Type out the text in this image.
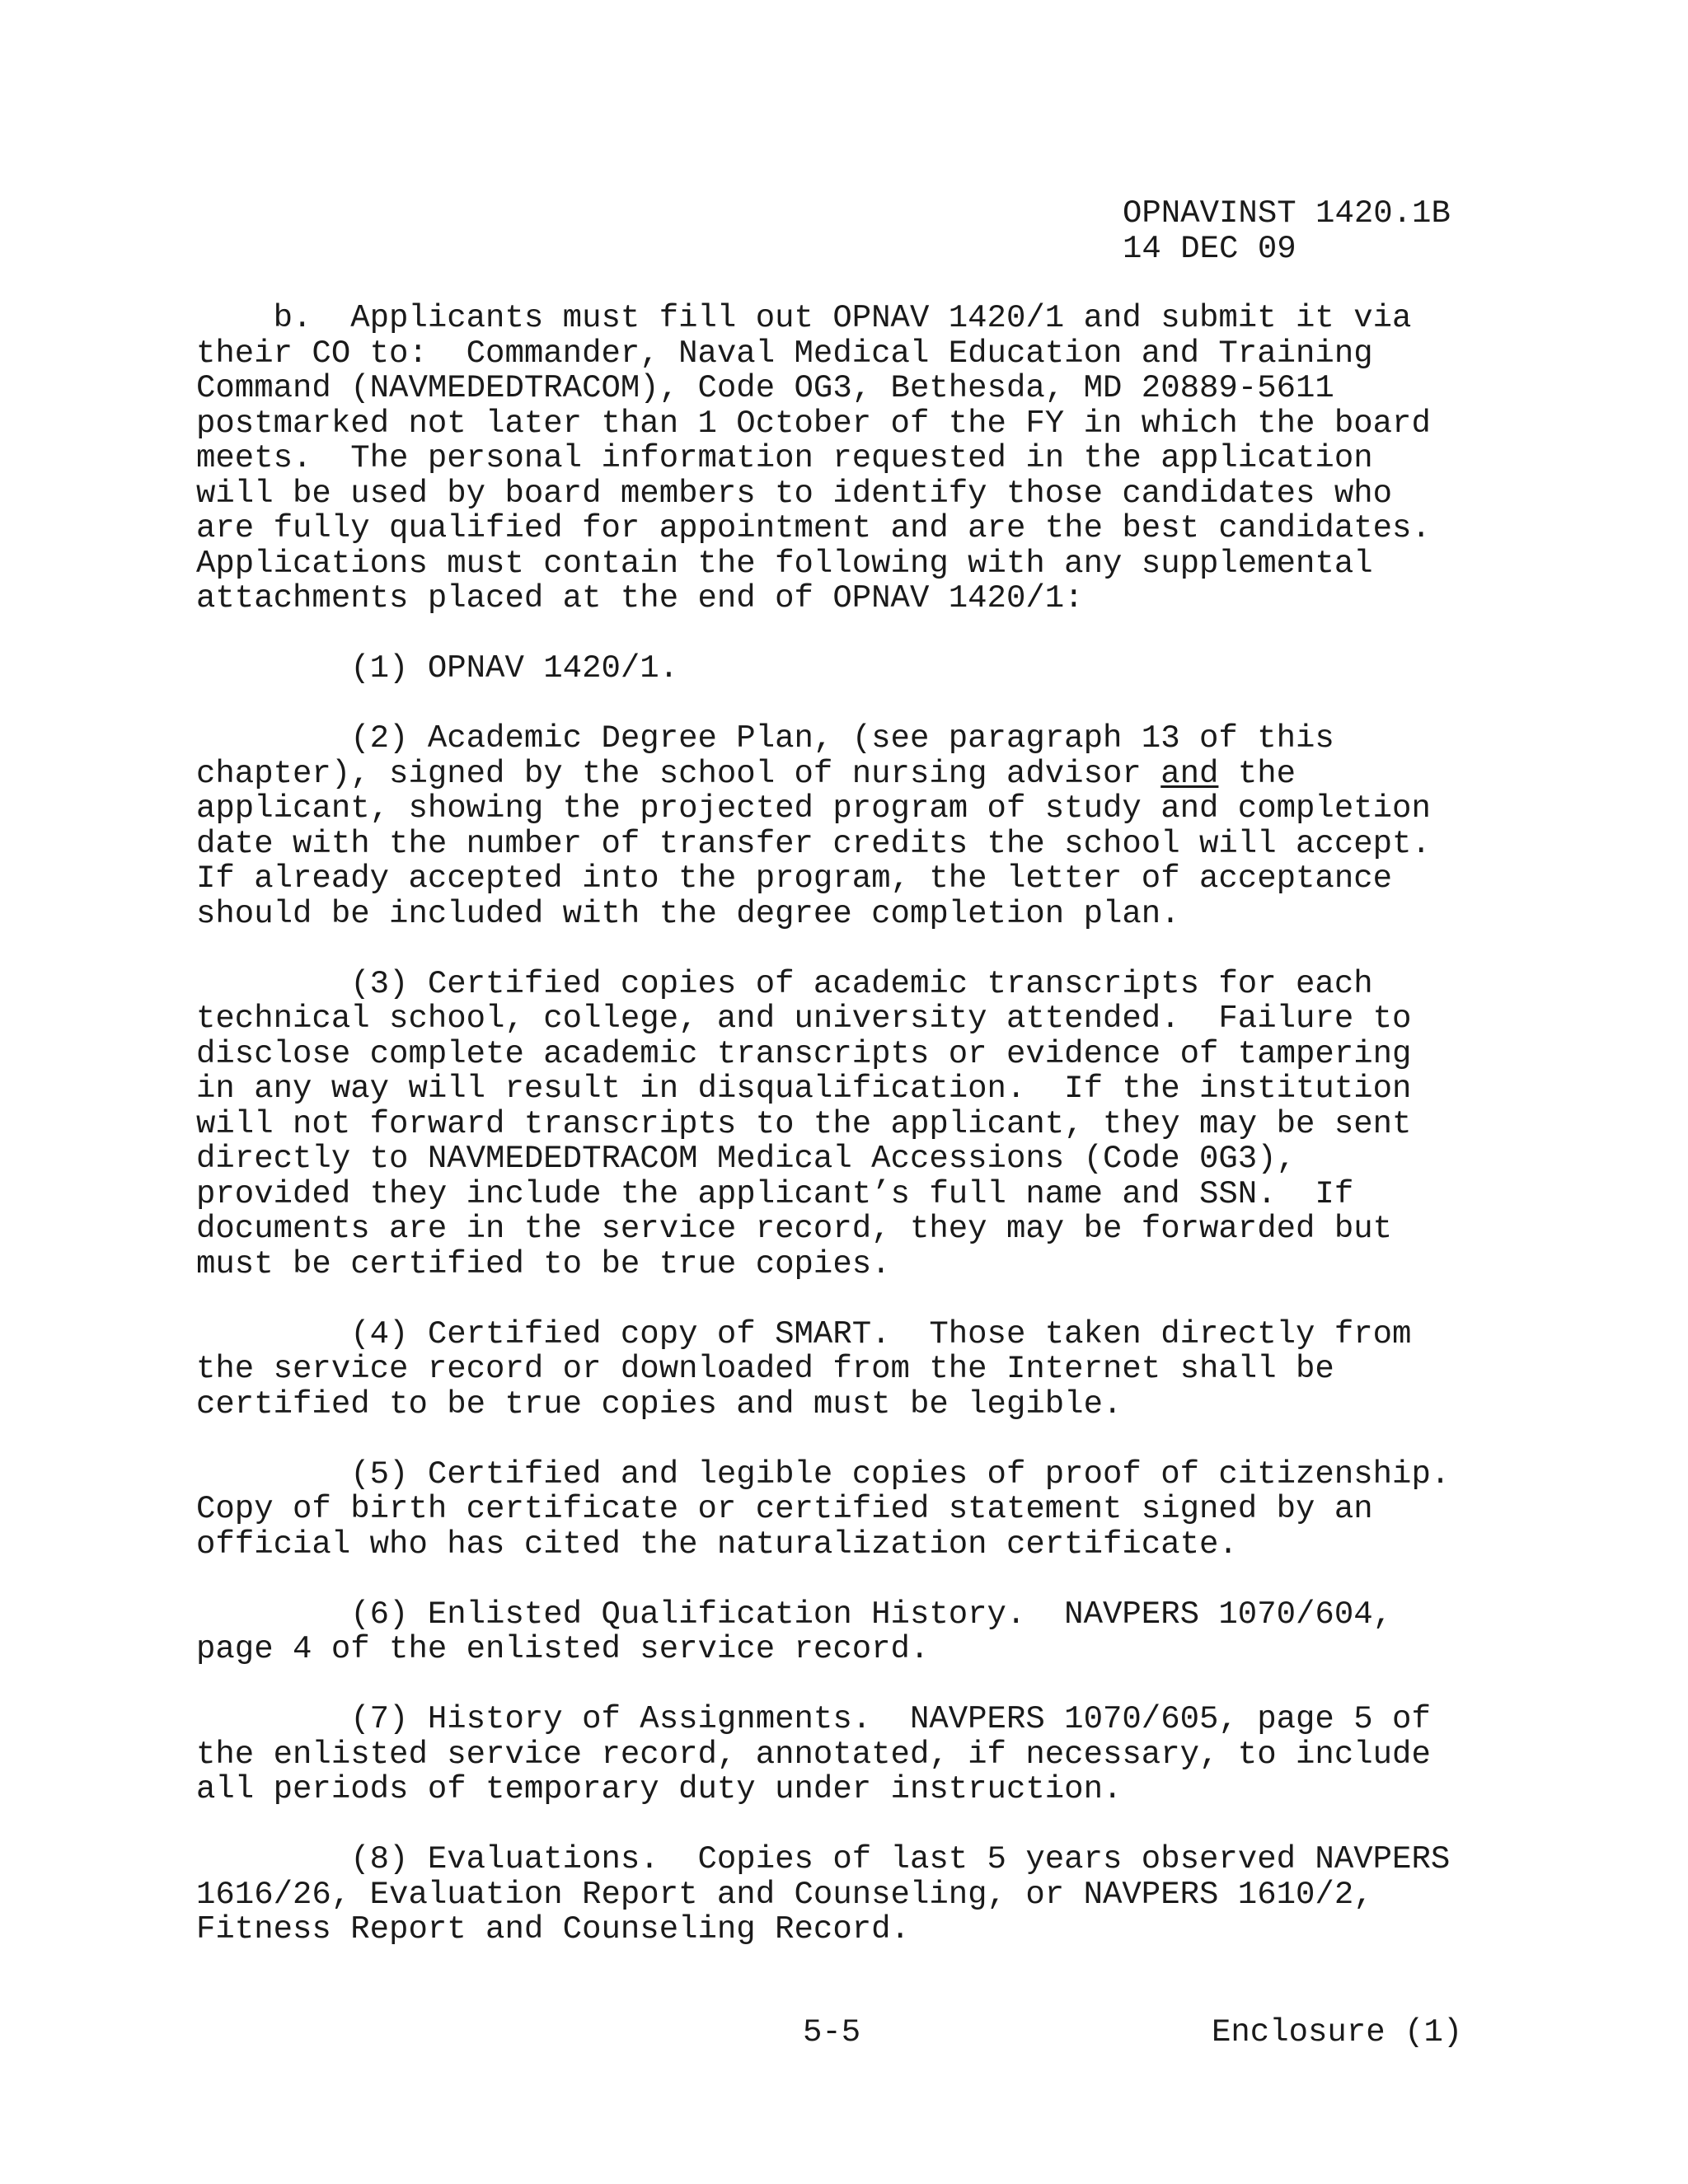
OPNAVINST 1420.1B
14 DEC 09
b.  Applicants must fill out OPNAV 1420/1 and submit it via
their CO to:  Commander, Naval Medical Education and Training
Command (NAVMEDEDTRACOM), Code OG3, Bethesda, MD 20889-5611
postmarked not later than 1 October of the FY in which the board
meets.  The personal information requested in the application
will be used by board members to identify those candidates who
are fully qualified for appointment and are the best candidates.
Applications must contain the following with any supplemental
attachments placed at the end of OPNAV 1420/1:
(1) OPNAV 1420/1.
(2) Academic Degree Plan, (see paragraph 13 of this
chapter), signed by the school of nursing advisor and the
applicant, showing the projected program of study and completion
date with the number of transfer credits the school will accept.
If already accepted into the program, the letter of acceptance
should be included with the degree completion plan.
(3) Certified copies of academic transcripts for each
technical school, college, and university attended.  Failure to
disclose complete academic transcripts or evidence of tampering
in any way will result in disqualification.  If the institution
will not forward transcripts to the applicant, they may be sent
directly to NAVMEDEDTRACOM Medical Accessions (Code 0G3),
provided they include the applicant’s full name and SSN.  If
documents are in the service record, they may be forwarded but
must be certified to be true copies.
(4) Certified copy of SMART.  Those taken directly from
the service record or downloaded from the Internet shall be
certified to be true copies and must be legible.
(5) Certified and legible copies of proof of citizenship.
Copy of birth certificate or certified statement signed by an
official who has cited the naturalization certificate.
(6) Enlisted Qualification History.  NAVPERS 1070/604,
page 4 of the enlisted service record.
(7) History of Assignments.  NAVPERS 1070/605, page 5 of
the enlisted service record, annotated, if necessary, to include
all periods of temporary duty under instruction.
(8) Evaluations.  Copies of last 5 years observed NAVPERS
1616/26, Evaluation Report and Counseling, or NAVPERS 1610/2,
Fitness Report and Counseling Record.
5-5	Enclosure (1)
